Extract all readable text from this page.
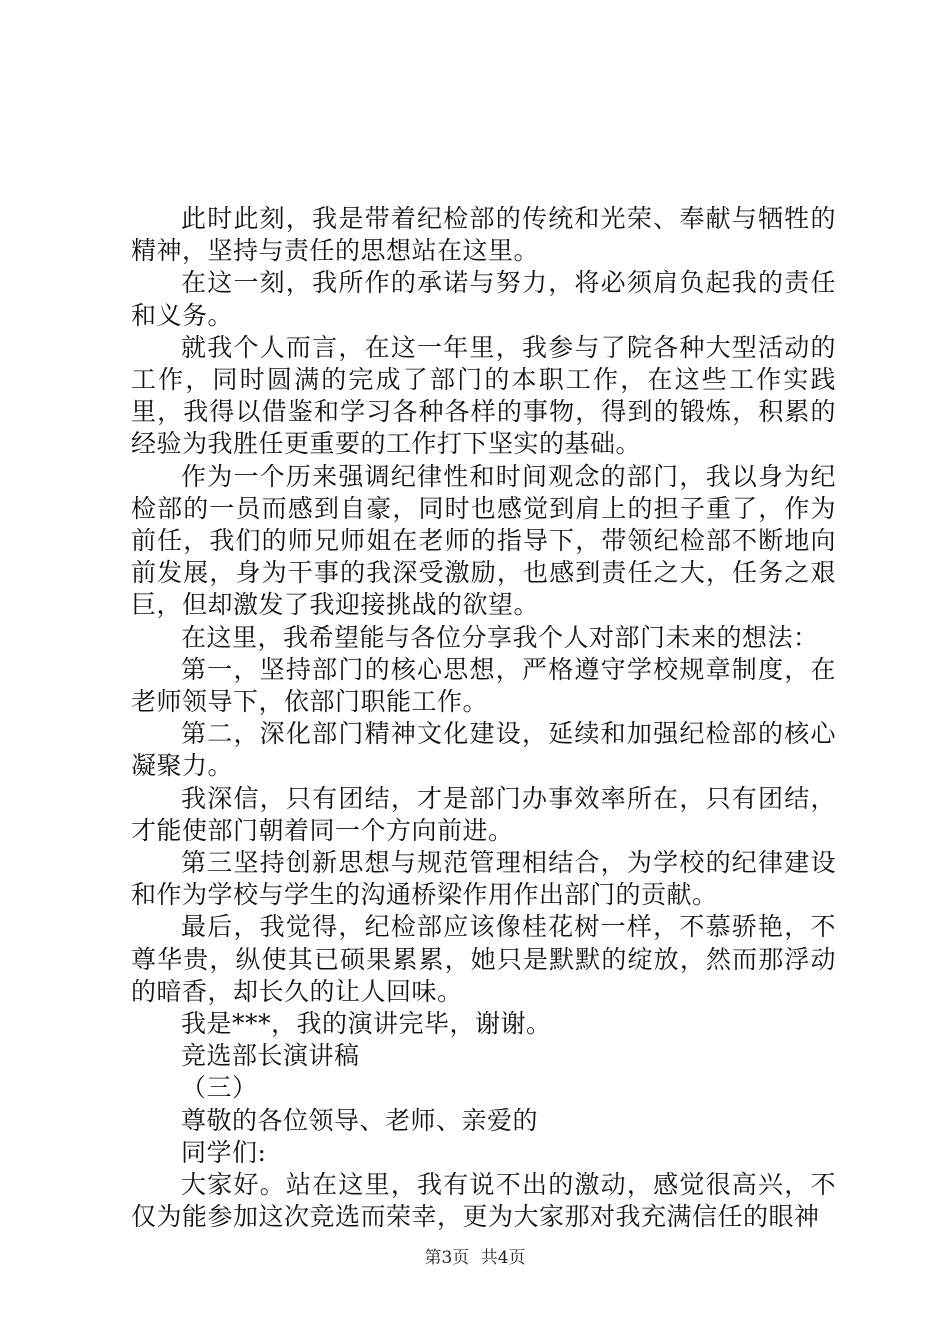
此时此刻，我是带着纪检部的传统和光荣、奉献与牺牲的精神，坚持与责任的思想站在这里。

在这一刻，我所作的承诺与努力，将必须肩负起我的责任和义务。

就我个人而言，在这一年里，我参与了院各种大型活动的工作，同时圆满的完成了部门的本职工作，在这些工作实践里，我得以借鉴和学习各种各样的事物，得到的锻炼，积累的经验为我胜任更重要的工作打下坚实的基础。

作为一个历来强调纪律性和时间观念的部门，我以身为纪检部的一员而感到自豪，同时也感觉到肩上的担子重了，作为前任，我们的师兄师姐在老师的指导下，带领纪检部不断地向前发展，身为干事的我深受激励，也感到责任之大，任务之艰巨，但却激发了我迎接挑战的欲望。

在这里，我希望能与各位分享我个人对部门未来的想法：

第一，坚持部门的核心思想，严格遵守学校规章制度，在老师领导下，依部门职能工作。

第二，深化部门精神文化建设，延续和加强纪检部的核心凝聚力。

我深信，只有团结，才是部门办事效率所在，只有团结，才能使部门朝着同一个方向前进。

第三坚持创新思想与规范管理相结合，为学校的纪律建设和作为学校与学生的沟通桥梁作用作出部门的贡献。

最后，我觉得，纪检部应该像桂花树一样，不慕骄艳，不尊华贵，纵使其已硕果累累，她只是默默的绽放，然而那浮动的暗香，却长久的让人回味。

我是***，我的演讲完毕，谢谢。

竞选部长演讲稿

（三）

尊敬的各位领导、老师、亲爱的

同学们:

大家好。站在这里，我有说不出的激动，感觉很高兴，不仅为能参加这次竞选而荣幸，更为大家那对我充满信任的眼神

第3页 共4页
